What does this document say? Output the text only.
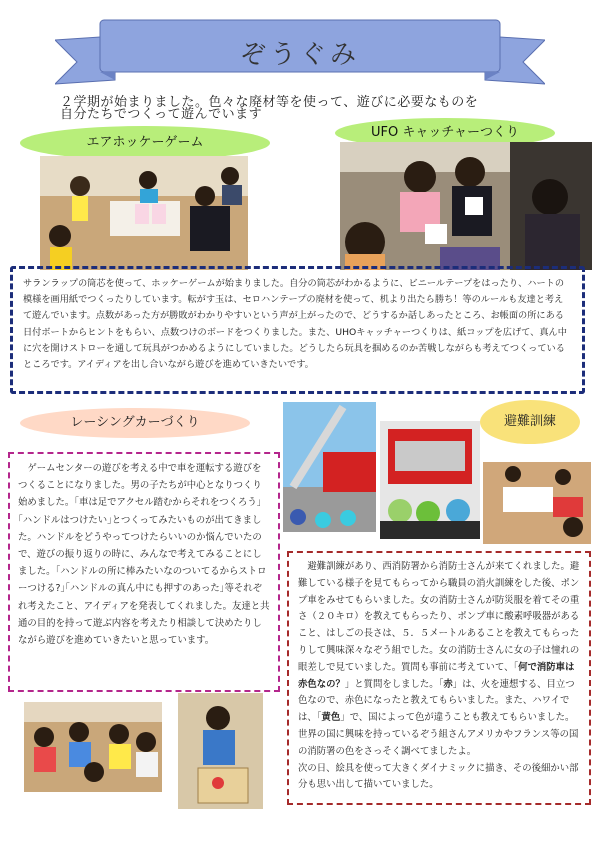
ぞうぐみ
２学期が始まりました。色々な廃材等を使って、遊びに必要なものを
自分たちでつくって遊んでいます
エアホッケーゲーム
UFO キャッチャーつくり

サランラップの筒芯を使って、ホッケーゲームが始まりました。自分の筒芯がわかるように、ビニールテープをはったり、ハートの模様を画用紙でつくったりしています。転がす玉は、セロハンテープの廃材を使って、机より出たら勝ち！等のルールも友達と考えて遊んでいます。点数があった方が勝敗がわかりやすいという声が上がったので、どうするか話しあったところ、お帳面の所にある日付ボートからヒントをもらい、点数つけのボードをつくりました。また、UHOキャッチャーつくりは、紙コップを広げて、真ん中に穴を開けストローを通して玩具がつかめるようにしていました。どうしたら玩具を掴めるのか苦戦しながらも考えてつくっているところです。アイディアを出し合いながら遊びを進めていきたいです。

レーシングカーづくり	避難訓練

ゲームセンターの遊びを考える中で車を運転する遊びをつくることになりました。男の子たちが中心となりつくり始めました。｢車は足でアクセル踏むからそれをつくろう｣｢ハンドルはつけたい｣とつくってみたいものが出てきました。ハンドルをどうやってつけたらいいのか悩んでいたので、遊びの振り返りの時に、みんなで考えてみることにしました。｢ハンドルの所に棒みたいなのついてるからストローつける?｣｢ハンドルの真ん中にも押すのあった｣等それぞれ考えたこと、アイディアを発表してくれました。友達と共通の目的を持って遊ぶ内容を考えたり相談して決めたりしながら遊びを進めていきたいと思っています。

避難訓練があり、西消防署から消防士さんが来てくれました。避難している様子を見てもらってから職員の消火訓練をした後、ポンプ車をみせてもらいました。女の消防士さんが防災服を着てその重さ（２０キロ）を教えてもらったり、ポンプ車に酸素呼吸器があること、はしごの長さは、５．５メートルあることを教えてもらったりして興味深々なぞう組でした。女の消防士さんに女の子は憧れの眼差しで見ていました。質問も事前に考えていて、「何で消防車は赤色なの？」と質問をしました。「赤」は、火を連想する、目立つ色なので、赤色になったと教えてもらいました。また、ハワイでは、「黄色」で、国によって色が違うことも教えてもらいました。世界の国に興味を持っているぞう組さんアメリカやフランス等の国の消防署の色をさっそく調べてましたよ。

次の日、絵具を使って大きくダイナミックに描き、その後細かい部分も思い出して描いていました。
